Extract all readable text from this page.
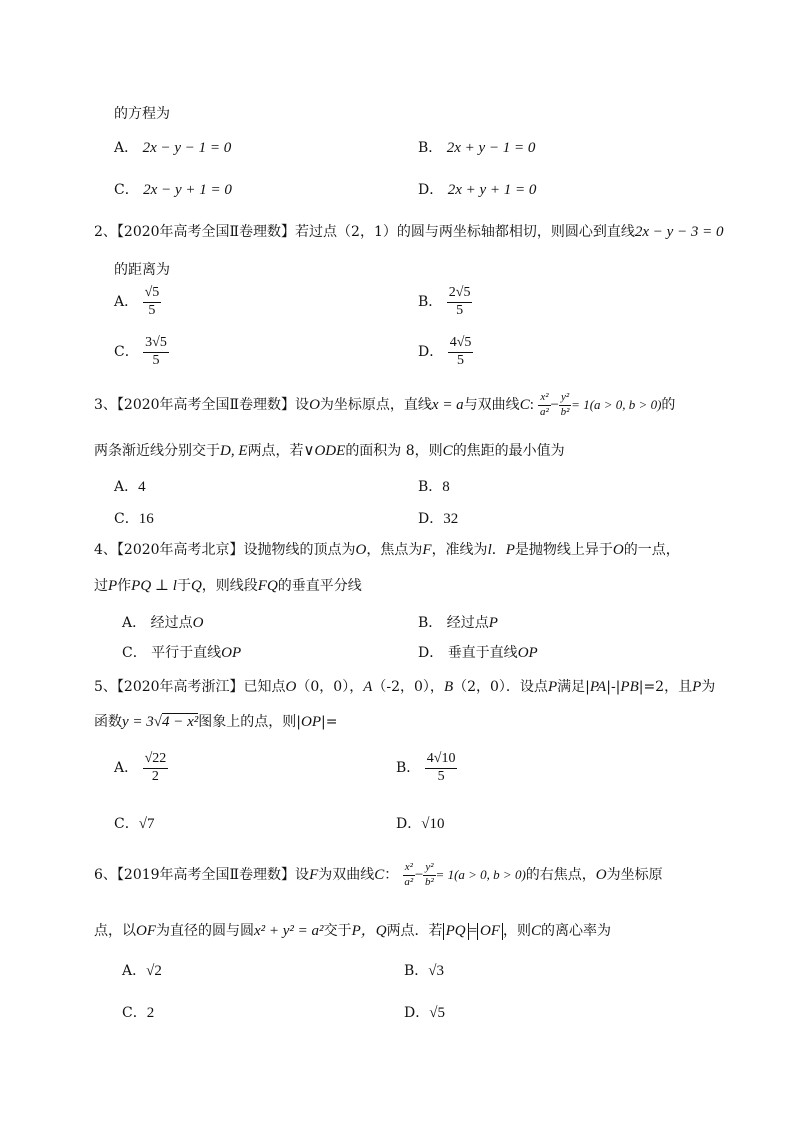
的方程为
A． 2x − y − 1 = 0	B． 2x + y − 1 = 0
C． 2x − y + 1 = 0	D． 2x + y + 1 = 0
2、【2020年高考全国Ⅱ卷理数】若过点（2，1）的圆与两坐标轴都相切，则圆心到直线2x − y − 3 = 0
的距离为
A． $\frac{√5}{5}$	B． $\frac{2√5}{5}$
C． $\frac{3√5}{5}$	D． $\frac{4√5}{5}$
3、【2020年高考全国Ⅱ卷理数】设O为坐标原点，直线x = a与双曲线C: $\frac{\text{x²}}{\text{a²}} - \frac{\text{y²}}{\text{b²}} = 1(a > 0$, b > 0)的
两条渐近线分别交于D, E两点，若∨ODE的面积为 8，则C的焦距的最小值为
A．4	B．8
C．16	D．32
4、【2020年高考北京】设抛物线的顶点为O，焦点为F，准线为l．P是抛物线上异于O的一点，
过P作PQ ⊥ l于Q，则线段FQ的垂直平分线
A． 经过点O	B． 经过点P
C． 平行于直线OP	D． 垂直于直线OP
5、【2020年高考浙江】已知点O（0，0），A（-2，0），B（2，0）．设点P满足|PA|-|PB|=2，且P为
函数y = 3√4 − x²图象上的点，则|OP|=
A． $\frac{√22}{2}$	B． $\frac{4√10}{5}$
C．√7	D．√10
6、【2019年高考全国Ⅱ卷理数】设F为双曲线C： $\frac{\text{x²}}{\text{a²}} - \frac{\text{y²}}{\text{b²}} = 1(a > 0$, b > 0)的右焦点，O为坐标原
点，以OF为直径的圆与圆x² + y² = a²交于P，Q两点．若 PQ = OF ，则C的离心率为
A．√2	B．√3
C．2	D．√5
